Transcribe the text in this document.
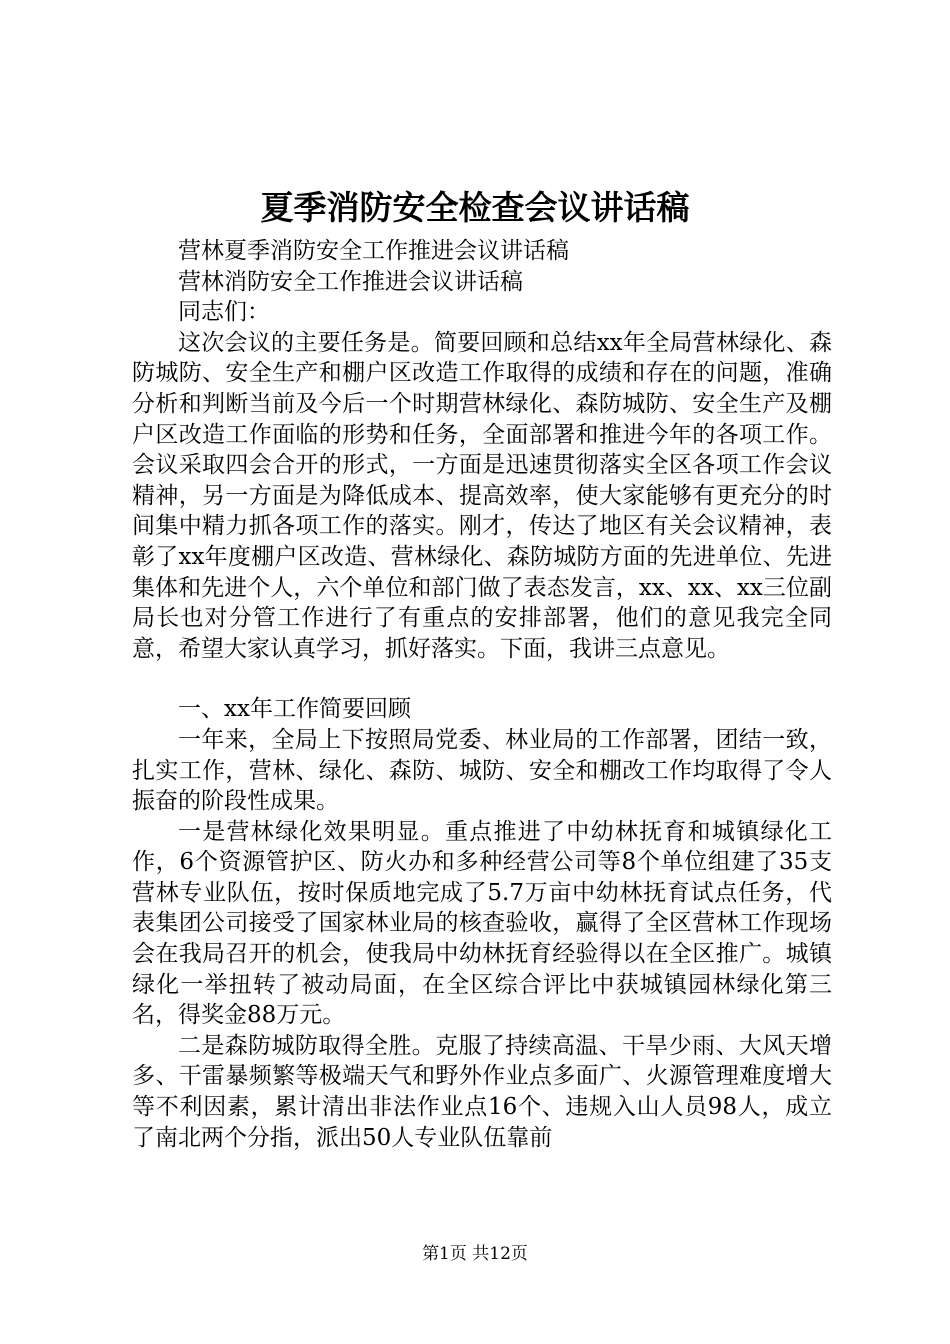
夏季消防安全检查会议讲话稿

营林夏季消防安全工作推进会议讲话稿

营林消防安全工作推进会议讲话稿

同志们：

这次会议的主要任务是。简要回顾和总结xx年全局营林绿化、森防城防、安全生产和棚户区改造工作取得的成绩和存在的问题，准确分析和判断当前及今后一个时期营林绿化、森防城防、安全生产及棚户区改造工作面临的形势和任务，全面部署和推进今年的各项工作。会议采取四会合开的形式，一方面是迅速贯彻落实全区各项工作会议精神，另一方面是为降低成本、提高效率，使大家能够有更充分的时间集中精力抓各项工作的落实。刚才，传达了地区有关会议精神，表彰了xx年度棚户区改造、营林绿化、森防城防方面的先进单位、先进集体和先进个人，六个单位和部门做了表态发言，xx、xx、xx三位副局长也对分管工作进行了有重点的安排部署，他们的意见我完全同意，希望大家认真学习，抓好落实。下面，我讲三点意见。

一、xx年工作简要回顾

一年来，全局上下按照局党委、林业局的工作部署，团结一致，扎实工作，营林、绿化、森防、城防、安全和棚改工作均取得了令人振奋的阶段性成果。

一是营林绿化效果明显。重点推进了中幼林抚育和城镇绿化工作，6个资源管护区、防火办和多种经营公司等8个单位组建了35支营林专业队伍，按时保质地完成了5.7万亩中幼林抚育试点任务，代表集团公司接受了国家林业局的核查验收，赢得了全区营林工作现场会在我局召开的机会，使我局中幼林抚育经验得以在全区推广。城镇绿化一举扭转了被动局面，在全区综合评比中获城镇园林绿化第三名，得奖金88万元。

二是森防城防取得全胜。克服了持续高温、干旱少雨、大风天增多、干雷暴频繁等极端天气和野外作业点多面广、火源管理难度增大等不利因素，累计清出非法作业点16个、违规入山人员98人，成立了南北两个分指，派出50人专业队伍靠前

第1页 共12页
